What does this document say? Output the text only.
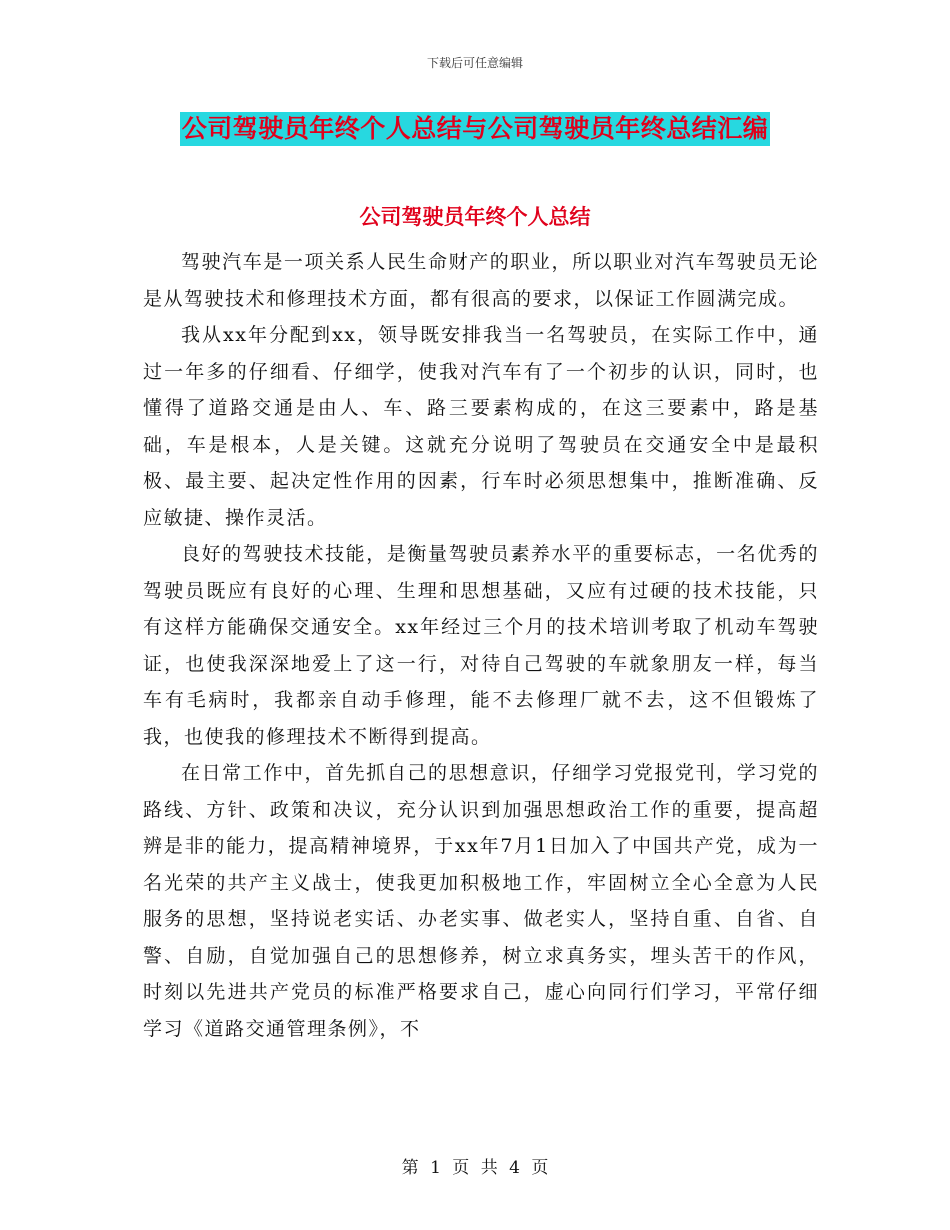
下载后可任意编辑
公司驾驶员年终个人总结与公司驾驶员年终总结汇编
公司驾驶员年终个人总结

驾驶汽车是一项关系人民生命财产的职业，所以职业对汽车驾驶员无论是从驾驶技术和修理技术方面，都有很高的要求，以保证工作圆满完成。

我从xx年分配到xx，领导既安排我当一名驾驶员，在实际工作中，通过一年多的仔细看、仔细学，使我对汽车有了一个初步的认识，同时，也懂得了道路交通是由人、车、路三要素构成的，在这三要素中，路是基础，车是根本，人是关键。这就充分说明了驾驶员在交通安全中是最积极、最主要、起决定性作用的因素，行车时必须思想集中，推断准确、反应敏捷、操作灵活。

良好的驾驶技术技能，是衡量驾驶员素养水平的重要标志，一名优秀的驾驶员既应有良好的心理、生理和思想基础，又应有过硬的技术技能，只有这样方能确保交通安全。xx年经过三个月的技术培训考取了机动车驾驶证，也使我深深地爱上了这一行，对待自己驾驶的车就象朋友一样，每当车有毛病时，我都亲自动手修理，能不去修理厂就不去，这不但锻炼了我，也使我的修理技术不断得到提高。

在日常工作中，首先抓自己的思想意识，仔细学习党报党刊，学习党的路线、方针、政策和决议，充分认识到加强思想政治工作的重要，提高超辨是非的能力，提高精神境界，于xx年7月1日加入了中国共产党，成为一名光荣的共产主义战士，使我更加积极地工作，牢固树立全心全意为人民服务的思想，坚持说老实话、办老实事、做老实人，坚持自重、自省、自警、自励，自觉加强自己的思想修养，树立求真务实，埋头苦干的作风，时刻以先进共产党员的标准严格要求自己，虚心向同行们学习，平常仔细学习《道路交通管理条例》，不

第 1 页 共 4 页
